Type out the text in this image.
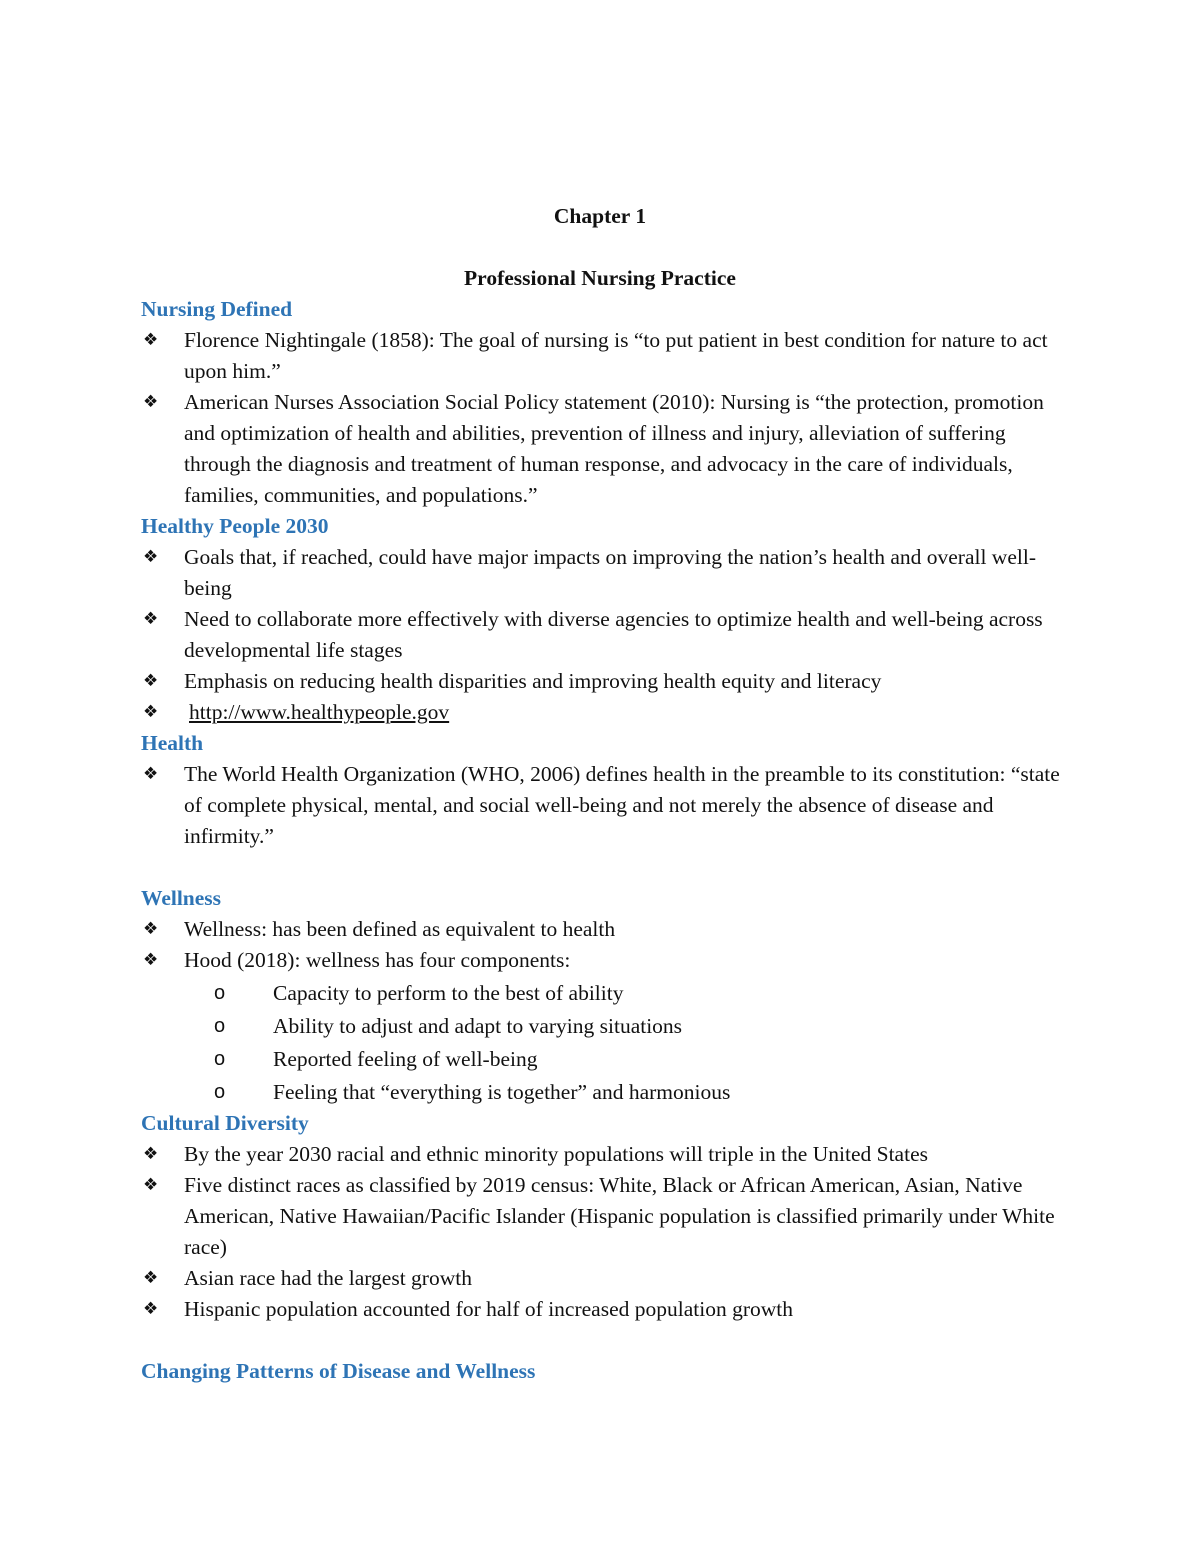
Chapter 1
Professional Nursing Practice
Nursing Defined
❖ Florence Nightingale (1858): The goal of nursing is “to put patient in best condition for nature to act upon him.”
❖ American Nurses Association Social Policy statement (2010): Nursing is “the protection, promotion and optimization of health and abilities, prevention of illness and injury, alleviation of suffering through the diagnosis and treatment of human response, and advocacy in the care of individuals, families, communities, and populations.”
Healthy People 2030
❖ Goals that, if reached, could have major impacts on improving the nation’s health and overall well-being
❖ Need to collaborate more effectively with diverse agencies to optimize health and well-being across developmental life stages
❖ Emphasis on reducing health disparities and improving health equity and literacy
❖ http://www.healthypeople.gov
Health
❖ The World Health Organization (WHO, 2006) defines health in the preamble to its constitution: “state of complete physical, mental, and social well-being and not merely the absence of disease and infirmity.”
Wellness
❖ Wellness: has been defined as equivalent to health
❖ Hood (2018): wellness has four components:
o Capacity to perform to the best of ability
o Ability to adjust and adapt to varying situations
o Reported feeling of well-being
o Feeling that “everything is together” and harmonious
Cultural Diversity
❖ By the year 2030 racial and ethnic minority populations will triple in the United States
❖ Five distinct races as classified by 2019 census: White, Black or African American, Asian, Native American, Native Hawaiian/Pacific Islander (Hispanic population is classified primarily under White race)
❖ Asian race had the largest growth
❖ Hispanic population accounted for half of increased population growth
Changing Patterns of Disease and Wellness
